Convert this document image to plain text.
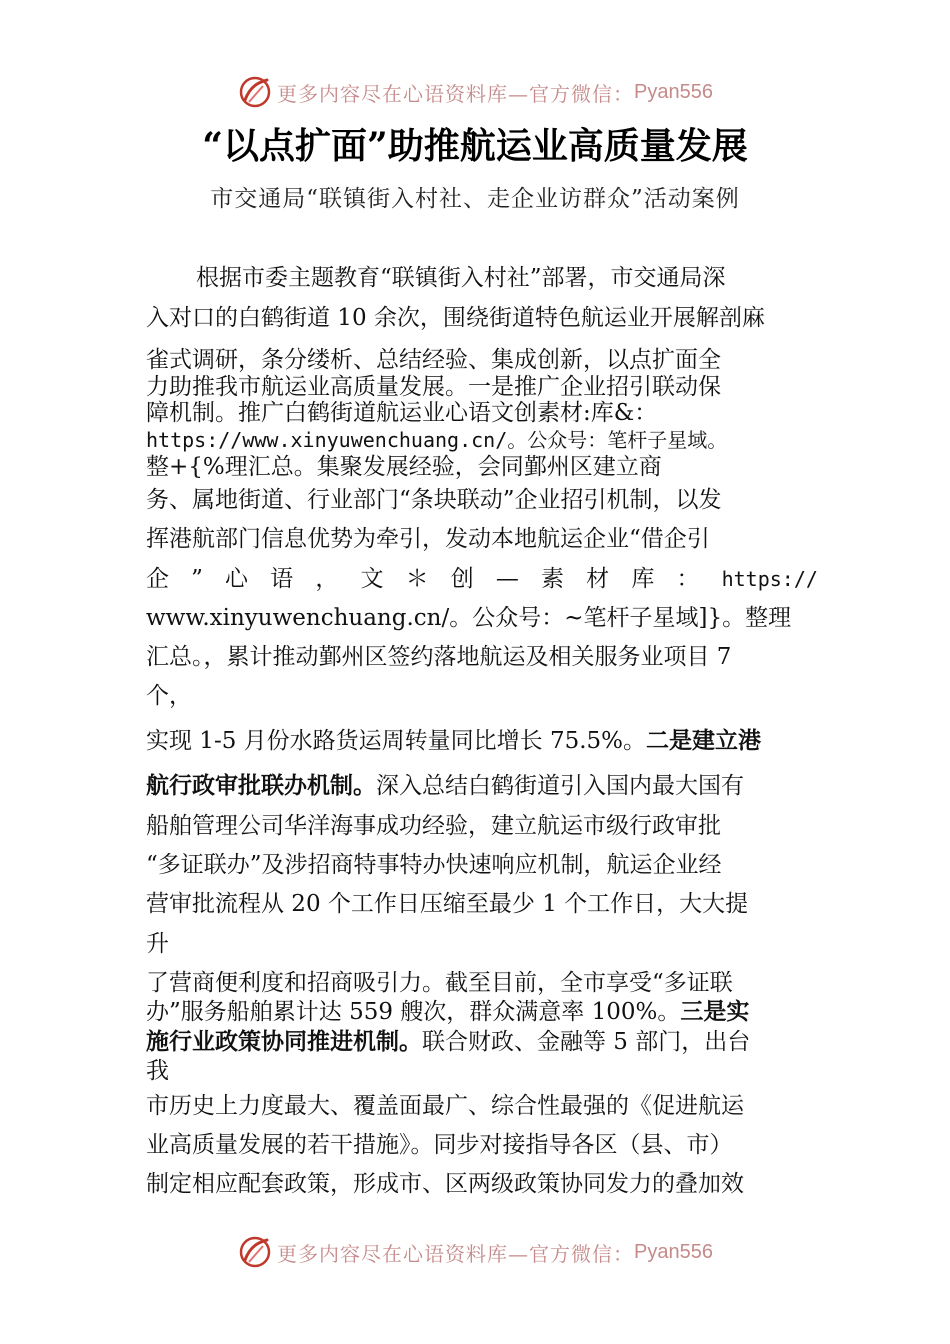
更多内容尽在心语资料库—官方微信： Pyan556
“以点扩面”助推航运业高质量发展
市交通局“联镇街入村社、走企业访群众”活动案例
根据市委主题教育“联镇街入村社”部署，市交通局深
入对口的白鹤街道 10 余次，围绕街道特色航运业开展解剖麻
雀式调研，条分缕析、总结经验、集成创新，以点扩面全
力助推我市航运业高质量发展。一是推广企业招引联动保
障机制。推广白鹤街道航运业心语文创素材:库&：
https://www.xinyuwenchuang.cn/。公众号：笔杆子星域。
整+{%理汇总。集聚发展经验，会同鄞州区建立商
务、属地街道、行业部门“条块联动”企业招引机制，以发
挥港航部门信息优势为牵引，发动本地航运企业“借企引
企 ” 心 语 ， 文 ＊ 创 — 素 材 库 ： https://
www.xinyuwenchuang.cn/。公众号：~笔杆子星域]}。整理
汇总。，累计推动鄞州区签约落地航运及相关服务业项目 7
个，
实现 1-5 月份水路货运周转量同比增长 75.5%。二是建立港
航行政审批联办机制。深入总结白鹤街道引入国内最大国有
船舶管理公司华洋海事成功经验，建立航运市级行政审批
“多证联办”及涉招商特事特办快速响应机制，航运企业经
营审批流程从 20 个工作日压缩至最少 1 个工作日，大大提
升
了营商便利度和招商吸引力。截至目前，全市享受“多证联
办”服务船舶累计达 559 艘次，群众满意率 100%。三是实
施行业政策协同推进机制。联合财政、金融等 5 部门，出台
我
市历史上力度最大、覆盖面最广、综合性最强的《促进航运
业高质量发展的若干措施》。同步对接指导各区（县、市）
制定相应配套政策，形成市、区两级政策协同发力的叠加效
更多内容尽在心语资料库—官方微信： Pyan556
